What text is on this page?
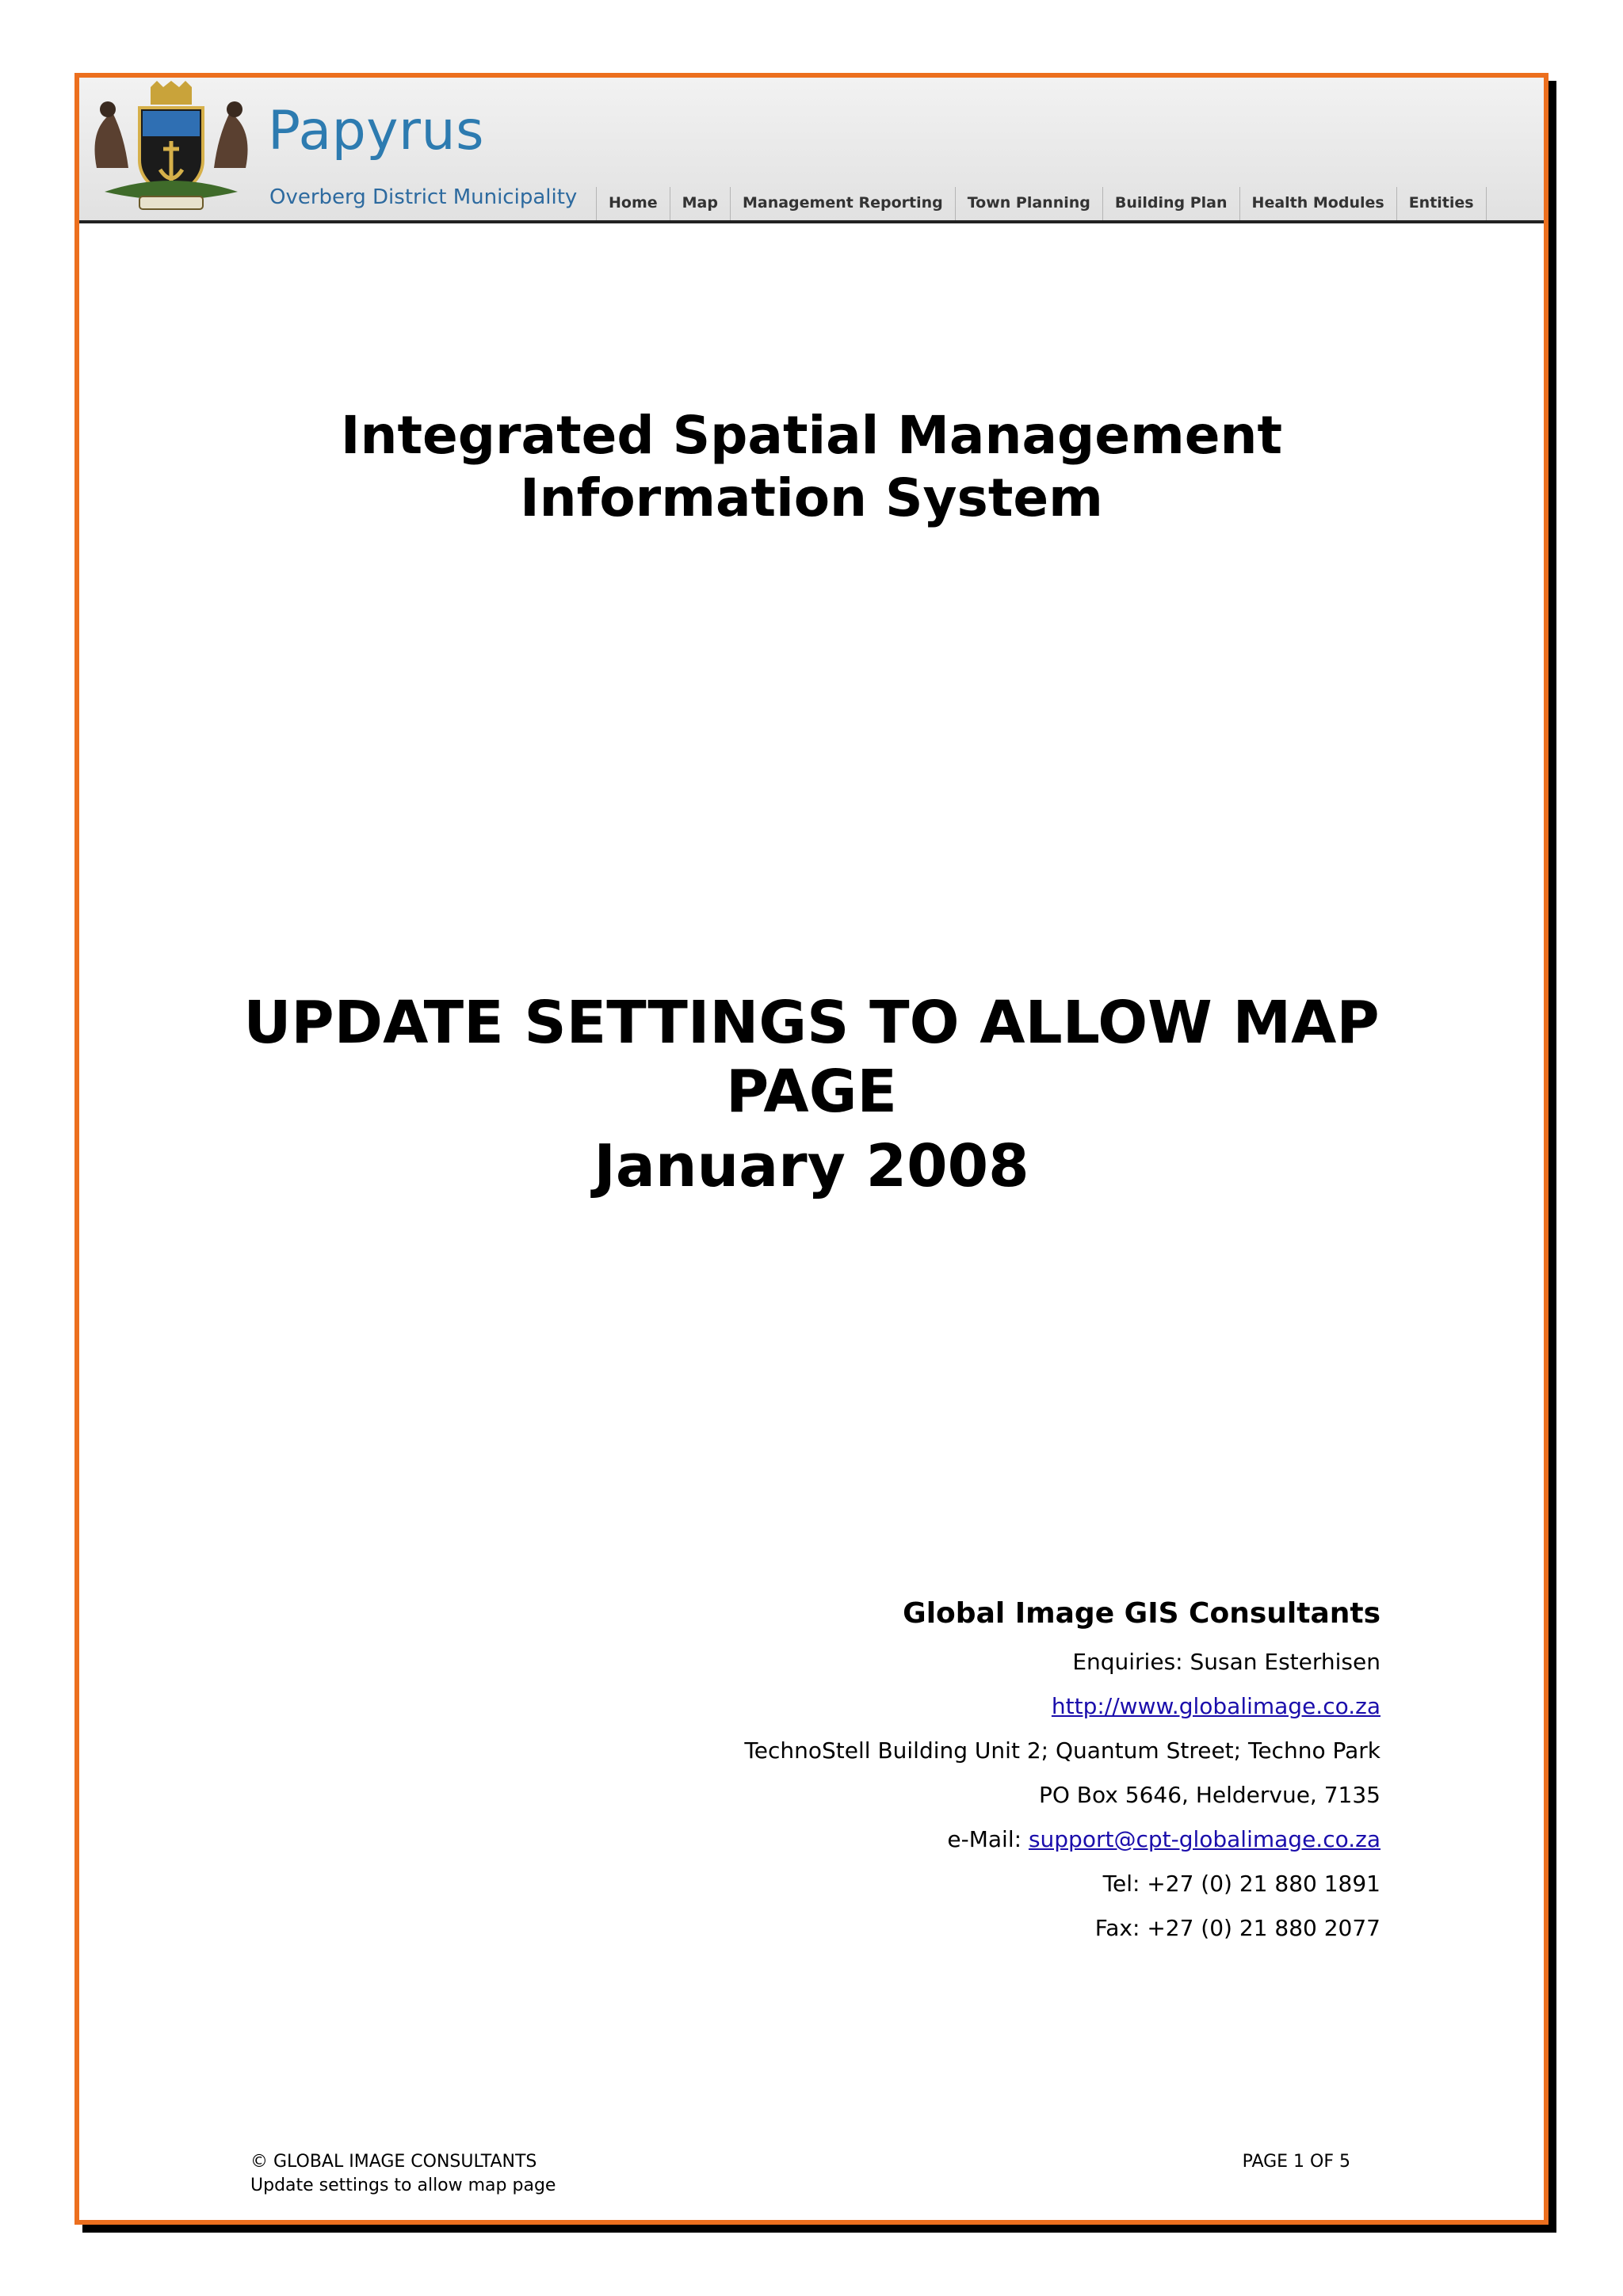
Papyrus
Overberg District Municipality	Home	Map	Management Reporting	Town Planning	Building Plan	Health Modules	Entities
Integrated Spatial Management
Information System
UPDATE SETTINGS TO ALLOW MAP
PAGE
January 2008
Global Image GIS Consultants
Enquiries: Susan Esterhisen
http://www.globalimage.co.za
TechnoStell Building Unit 2; Quantum Street; Techno Park
PO Box 5646, Heldervue, 7135
e-Mail: support@cpt-globalimage.co.za
Tel: +27 (0) 21 880 1891
Fax: +27 (0) 21 880 2077
© GLOBAL IMAGE CONSULTANTS
Update settings to allow map page
PAGE 1 OF 5
